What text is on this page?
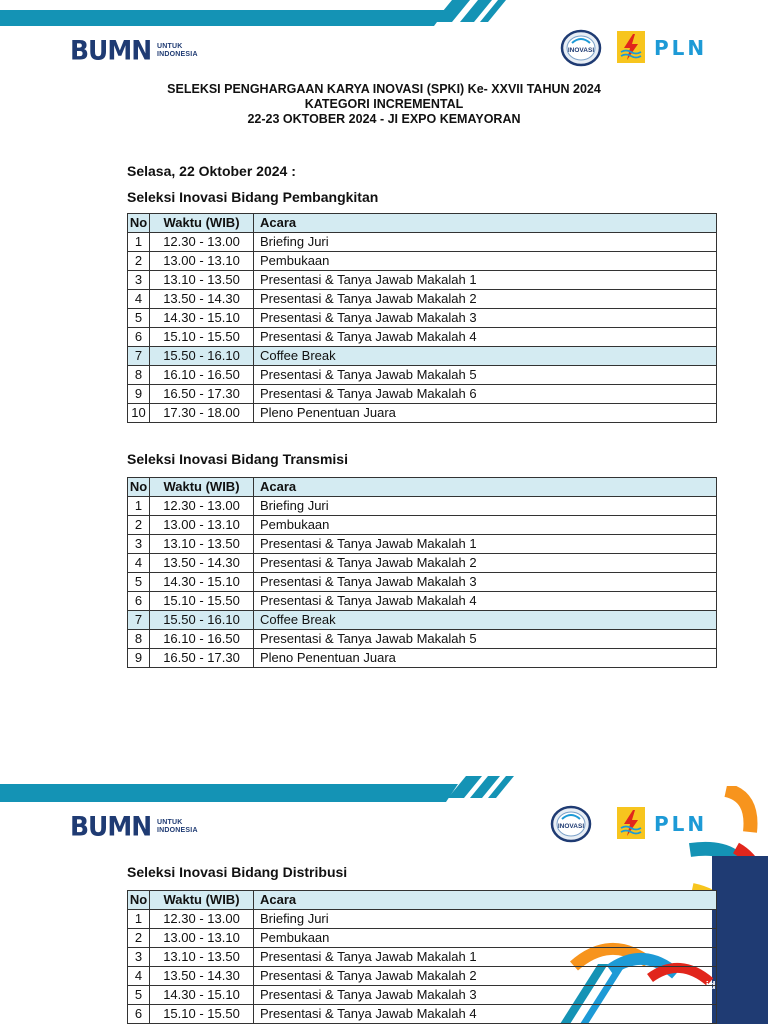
BUMN UNTUK
INDONESIA
INOVASI	PLN
SELEKSI PENGHARGAAN KARYA INOVASI (SPKI) Ke- XXVII TAHUN 2024
KATEGORI INCREMENTAL
22-23 OKTOBER 2024 - JI EXPO KEMAYORAN
Selasa, 22 Oktober 2024 :
Seleksi Inovasi Bidang Pembangkitan
No	Waktu (WIB)	Acara
1	12.30 - 13.00	Briefing Juri
2	13.00 - 13.10	Pembukaan
3	13.10 - 13.50	Presentasi & Tanya Jawab Makalah 1
4	13.50 - 14.30	Presentasi & Tanya Jawab Makalah 2
5	14.30 - 15.10	Presentasi & Tanya Jawab Makalah 3
6	15.10 - 15.50	Presentasi & Tanya Jawab Makalah 4
7	15.50 - 16.10	Coffee Break
8	16.10 - 16.50	Presentasi & Tanya Jawab Makalah 5
9	16.50 - 17.30	Presentasi & Tanya Jawab Makalah 6
10	17.30 - 18.00	Pleno Penentuan Juara
Seleksi Inovasi Bidang Transmisi
No	Waktu (WIB)	Acara
1	12.30 - 13.00	Briefing Juri
2	13.00 - 13.10	Pembukaan
3	13.10 - 13.50	Presentasi & Tanya Jawab Makalah 1
4	13.50 - 14.30	Presentasi & Tanya Jawab Makalah 2
5	14.30 - 15.10	Presentasi & Tanya Jawab Makalah 3
6	15.10 - 15.50	Presentasi & Tanya Jawab Makalah 4
7	15.50 - 16.10	Coffee Break
8	16.10 - 16.50	Presentasi & Tanya Jawab Makalah 5
9	16.50 - 17.30	Pleno Penentuan Juara
BUMN UNTUK
INDONESIA
INOVASI	PLN
www.pln.co.id
Seleksi Inovasi Bidang Distribusi
No	Waktu (WIB)	Acara
1	12.30 - 13.00	Briefing Juri
2	13.00 - 13.10	Pembukaan
3	13.10 - 13.50	Presentasi & Tanya Jawab Makalah 1
4	13.50 - 14.30	Presentasi & Tanya Jawab Makalah 2
5	14.30 - 15.10	Presentasi & Tanya Jawab Makalah 3
6	15.10 - 15.50	Presentasi & Tanya Jawab Makalah 4
